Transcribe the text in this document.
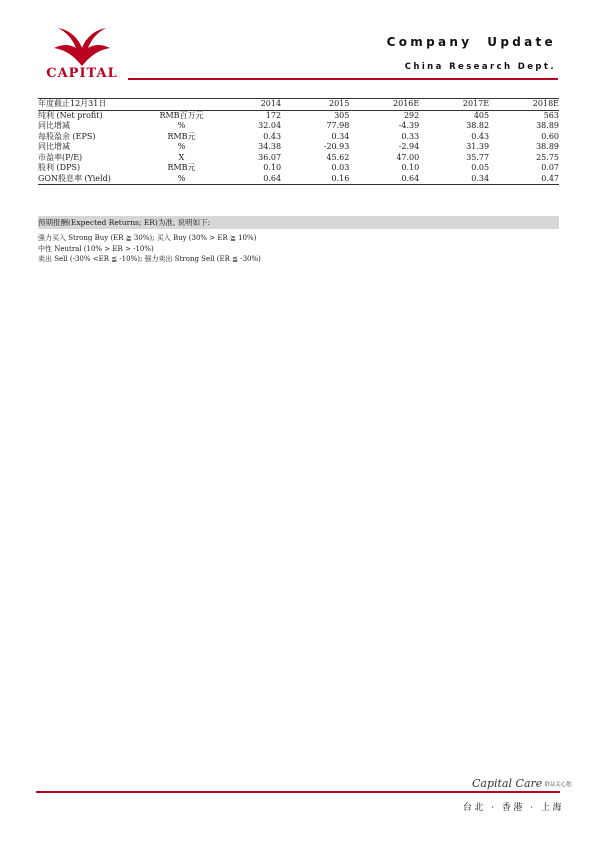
CAPITAL
Company  Update
China Research Dept.
年度截止12月31日		2014	2015	2016E	2017E	2018E
纯利 (Net profit)	RMB百万元	172	305	292	405	563
同比增减	%	32.04	77.98	-4.39	38.82	38.89
每股盈余 (EPS)	RMB元	0.43	0.34	0.33	0.43	0.60
同比增减	%	34.38	-20.93	-2.94	31.39	38.89
市盈率(P/E)	X	36.07	45.62	47.00	35.77	25.75
股利 (DPS)	RMB元	0.10	0.03	0.10	0.05	0.07
GON股息率 (Yield)	%	0.64	0.16	0.64	0.34	0.47
预期报酬(Expected Returns; ER)为准, 说明如下:
强力买入 Strong Buy (ER ≧ 30%); 买入 Buy (30% > ER ≧ 10%)
中性 Neutral (10% > ER > -10%)
卖出 Sell (-30% <ER ≦ -10%); 强力卖出 Strong Sell (ER ≦ -30%)
Capital Care 群益关心您
台北 · 香港 · 上海
